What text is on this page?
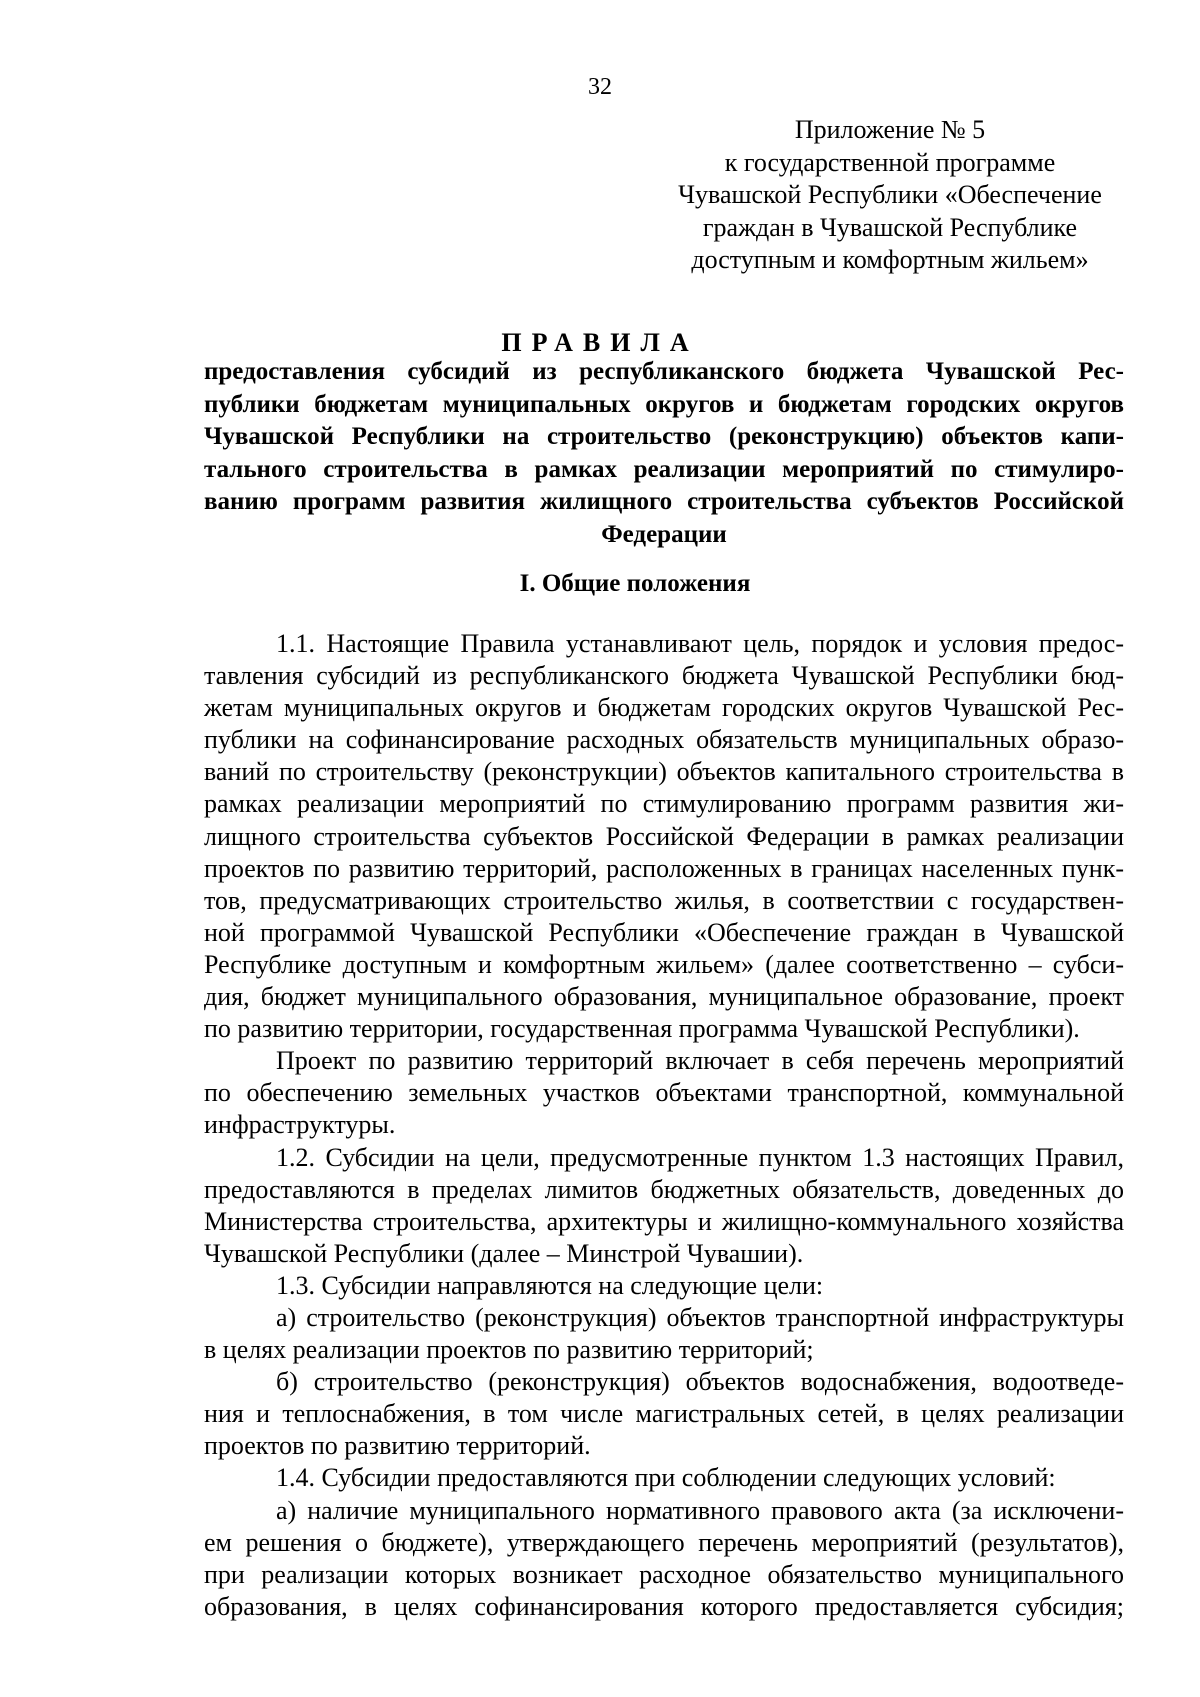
32
Приложение № 5
к государственной программе
Чувашской Республики «Обеспечение
граждан в Чувашской Республике
доступным и комфортным жильем»
ПРАВИЛА
предоставления субсидий из республиканского бюджета Чувашской Рес-
публики бюджетам муниципальных округов и бюджетам городских округов
Чувашской Республики на строительство (реконструкцию) объектов капи-
тального строительства в рамках реализации мероприятий по стимулиро-
ванию программ развития жилищного строительства субъектов Российской
Федерации
I. Общие положения
1.1. Настоящие Правила устанавливают цель, порядок и условия предос-
тавления субсидий из республиканского бюджета Чувашской Республики бюд-
жетам муниципальных округов и бюджетам городских округов Чувашской Рес-
публики на софинансирование расходных обязательств муниципальных образо-
ваний по строительству (реконструкции) объектов капитального строительства в
рамках реализации мероприятий по стимулированию программ развития жи-
лищного строительства субъектов Российской Федерации в рамках реализации
проектов по развитию территорий, расположенных в границах населенных пунк-
тов, предусматривающих строительство жилья, в соответствии с государствен-
ной программой Чувашской Республики «Обеспечение граждан в Чувашской
Республике доступным и комфортным жильем» (далее соответственно – субси-
дия, бюджет муниципального образования, муниципальное образование, проект
по развитию территории, государственная программа Чувашской Республики).
Проект по развитию территорий включает в себя перечень мероприятий
по обеспечению земельных участков объектами транспортной, коммунальной
инфраструктуры.
1.2. Субсидии на цели, предусмотренные пунктом 1.3 настоящих Правил,
предоставляются в пределах лимитов бюджетных обязательств, доведенных до
Министерства строительства, архитектуры и жилищно-коммунального хозяйства
Чувашской Республики (далее – Минстрой Чувашии).
1.3. Субсидии направляются на следующие цели:
а) строительство (реконструкция) объектов транспортной инфраструктуры
в целях реализации проектов по развитию территорий;
б) строительство (реконструкция) объектов водоснабжения, водоотведе-
ния и теплоснабжения, в том числе магистральных сетей, в целях реализации
проектов по развитию территорий.
1.4. Субсидии предоставляются при соблюдении следующих условий:
а) наличие муниципального нормативного правового акта (за исключени-
ем решения о бюджете), утверждающего перечень мероприятий (результатов),
при реализации которых возникает расходное обязательство муниципального
образования, в целях софинансирования которого предоставляется субсидия;
